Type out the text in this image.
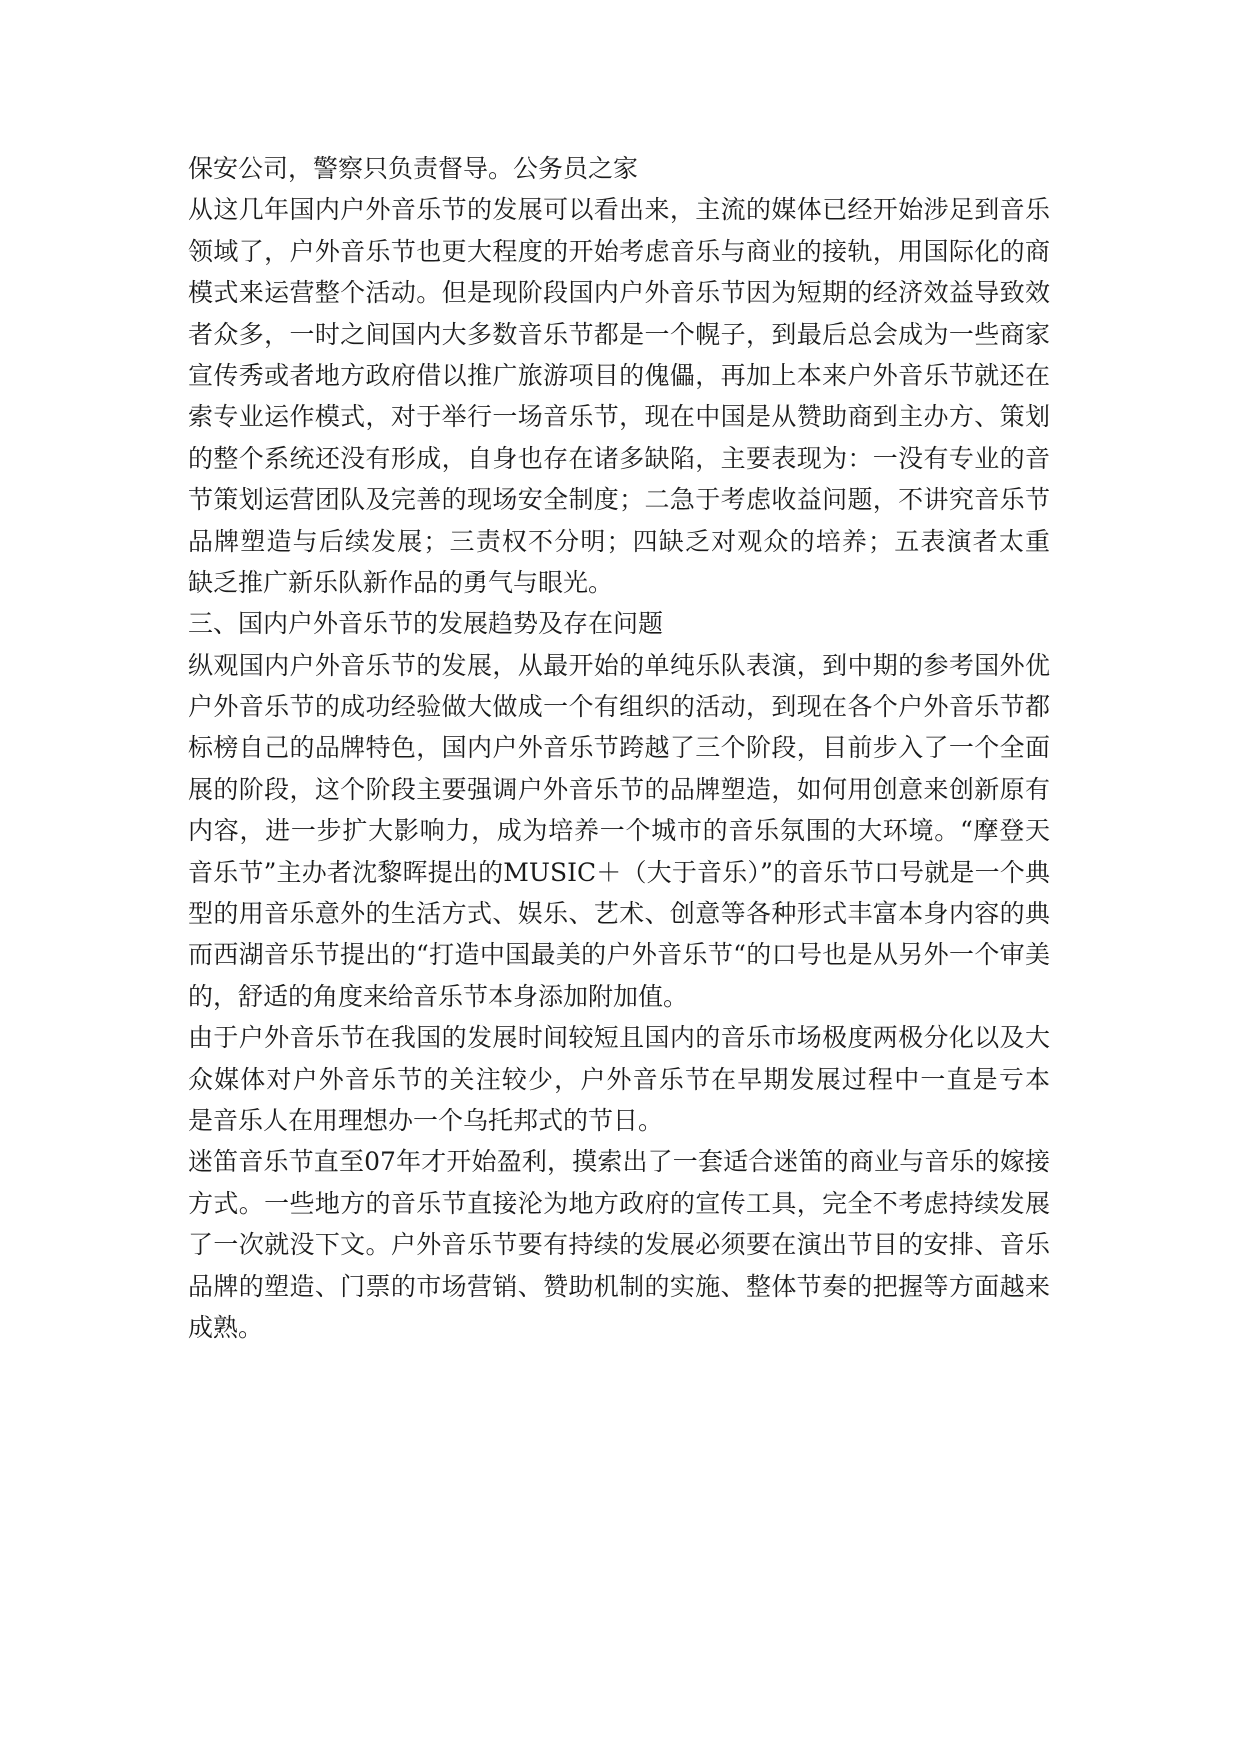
保安公司，警察只负责督导。公务员之家
从这几年国内户外音乐节的发展可以看出来，主流的媒体已经开始涉足到音乐
领域了，户外音乐节也更大程度的开始考虑音乐与商业的接轨，用国际化的商
模式来运营整个活动。但是现阶段国内户外音乐节因为短期的经济效益导致效
者众多，一时之间国内大多数音乐节都是一个幌子，到最后总会成为一些商家
宣传秀或者地方政府借以推广旅游项目的傀儡，再加上本来户外音乐节就还在
索专业运作模式，对于举行一场音乐节，现在中国是从赞助商到主办方、策划
的整个系统还没有形成，自身也存在诸多缺陷，主要表现为：一没有专业的音
节策划运营团队及完善的现场安全制度；二急于考虑收益问题，不讲究音乐节
品牌塑造与后续发展；三责权不分明；四缺乏对观众的培养；五表演者太重
缺乏推广新乐队新作品的勇气与眼光。
三、国内户外音乐节的发展趋势及存在问题
纵观国内户外音乐节的发展，从最开始的单纯乐队表演，到中期的参考国外优
户外音乐节的成功经验做大做成一个有组织的活动，到现在各个户外音乐节都
标榜自己的品牌特色，国内户外音乐节跨越了三个阶段，目前步入了一个全面
展的阶段，这个阶段主要强调户外音乐节的品牌塑造，如何用创意来创新原有
内容，进一步扩大影响力，成为培养一个城市的音乐氛围的大环境。“摩登天
音乐节”主办者沈黎晖提出的MUSIC＋（大于音乐）”的音乐节口号就是一个典
型的用音乐意外的生活方式、娱乐、艺术、创意等各种形式丰富本身内容的典
而西湖音乐节提出的“打造中国最美的户外音乐节“的口号也是从另外一个审美
的，舒适的角度来给音乐节本身添加附加值。
由于户外音乐节在我国的发展时间较短且国内的音乐市场极度两极分化以及大
众媒体对户外音乐节的关注较少，户外音乐节在早期发展过程中一直是亏本
是音乐人在用理想办一个乌托邦式的节日。
迷笛音乐节直至07年才开始盈利，摸索出了一套适合迷笛的商业与音乐的嫁接
方式。一些地方的音乐节直接沦为地方政府的宣传工具，完全不考虑持续发展
了一次就没下文。户外音乐节要有持续的发展必须要在演出节目的安排、音乐
品牌的塑造、门票的市场营销、赞助机制的实施、整体节奏的把握等方面越来
成熟。
